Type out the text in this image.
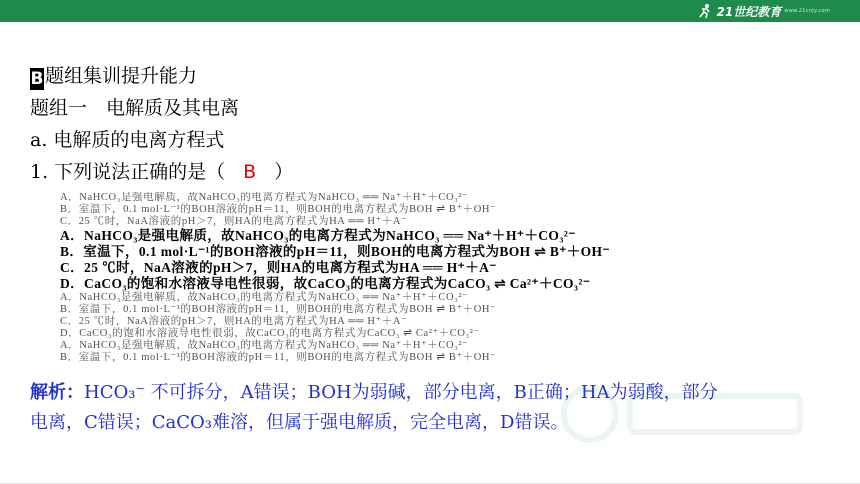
21世纪教育 www.21cnjy.com
B题组集训提升能力
题组一　电解质及其电离
a. 电解质的电离方程式
1. 下列说法正确的是（ B ）
A．NaHCO₃是强电解质，故NaHCO₃的电离方程式为NaHCO₃ ══ Na⁺＋H⁺＋CO₃²⁻
B．室温下，0.1 mol·L⁻¹的BOH溶液的pH＝11，则BOH的电离方程式为BOH ⇌ B⁺＋OH⁻
C．25 ℃时，NaA溶液的pH＞7，则HA的电离方程式为HA ══ H⁺＋A⁻
A．NaHCO₃是强电解质，故NaHCO₃的电离方程式为NaHCO₃ ══ Na⁺＋H⁺＋CO₃²⁻
B．室温下，0.1 mol·L⁻¹的BOH溶液的pH＝11，则BOH的电离方程式为BOH ⇌ B⁺＋OH⁻
C．25 ℃时，NaA溶液的pH＞7，则HA的电离方程式为HA ══ H⁺＋A⁻
D．CaCO₃的饱和水溶液导电性很弱，故CaCO₃的电离方程式为CaCO₃ ⇌ Ca²⁺＋CO₃²⁻
A．NaHCO₃是强电解质，故NaHCO₃的电离方程式为NaHCO₃ ══ Na⁺＋H⁺＋CO₃²⁻
B．室温下，0.1 mol·L⁻¹的BOH溶液的pH＝11，则BOH的电离方程式为BOH ⇌ B⁺＋OH⁻
C．25 ℃时，NaA溶液的pH＞7，则HA的电离方程式为HA ══ H⁺＋A⁻
D．CaCO₃的饱和水溶液导电性很弱，故CaCO₃的电离方程式为CaCO₃ ⇌ Ca²⁺＋CO₃²⁻
A．NaHCO₃是强电解质，故NaHCO₃的电离方程式为NaHCO₃ ══ Na⁺＋H⁺＋CO₃²⁻
B．室温下，0.1 mol·L⁻¹的BOH溶液的pH＝11，则BOH的电离方程式为BOH ⇌ B⁺＋OH⁻
解析：HCO₃⁻ 不可拆分，A错误；BOH为弱碱，部分电离，B正确；HA为弱酸，部分
电离，C错误；CaCO₃难溶，但属于强电解质，完全电离，D错误。
